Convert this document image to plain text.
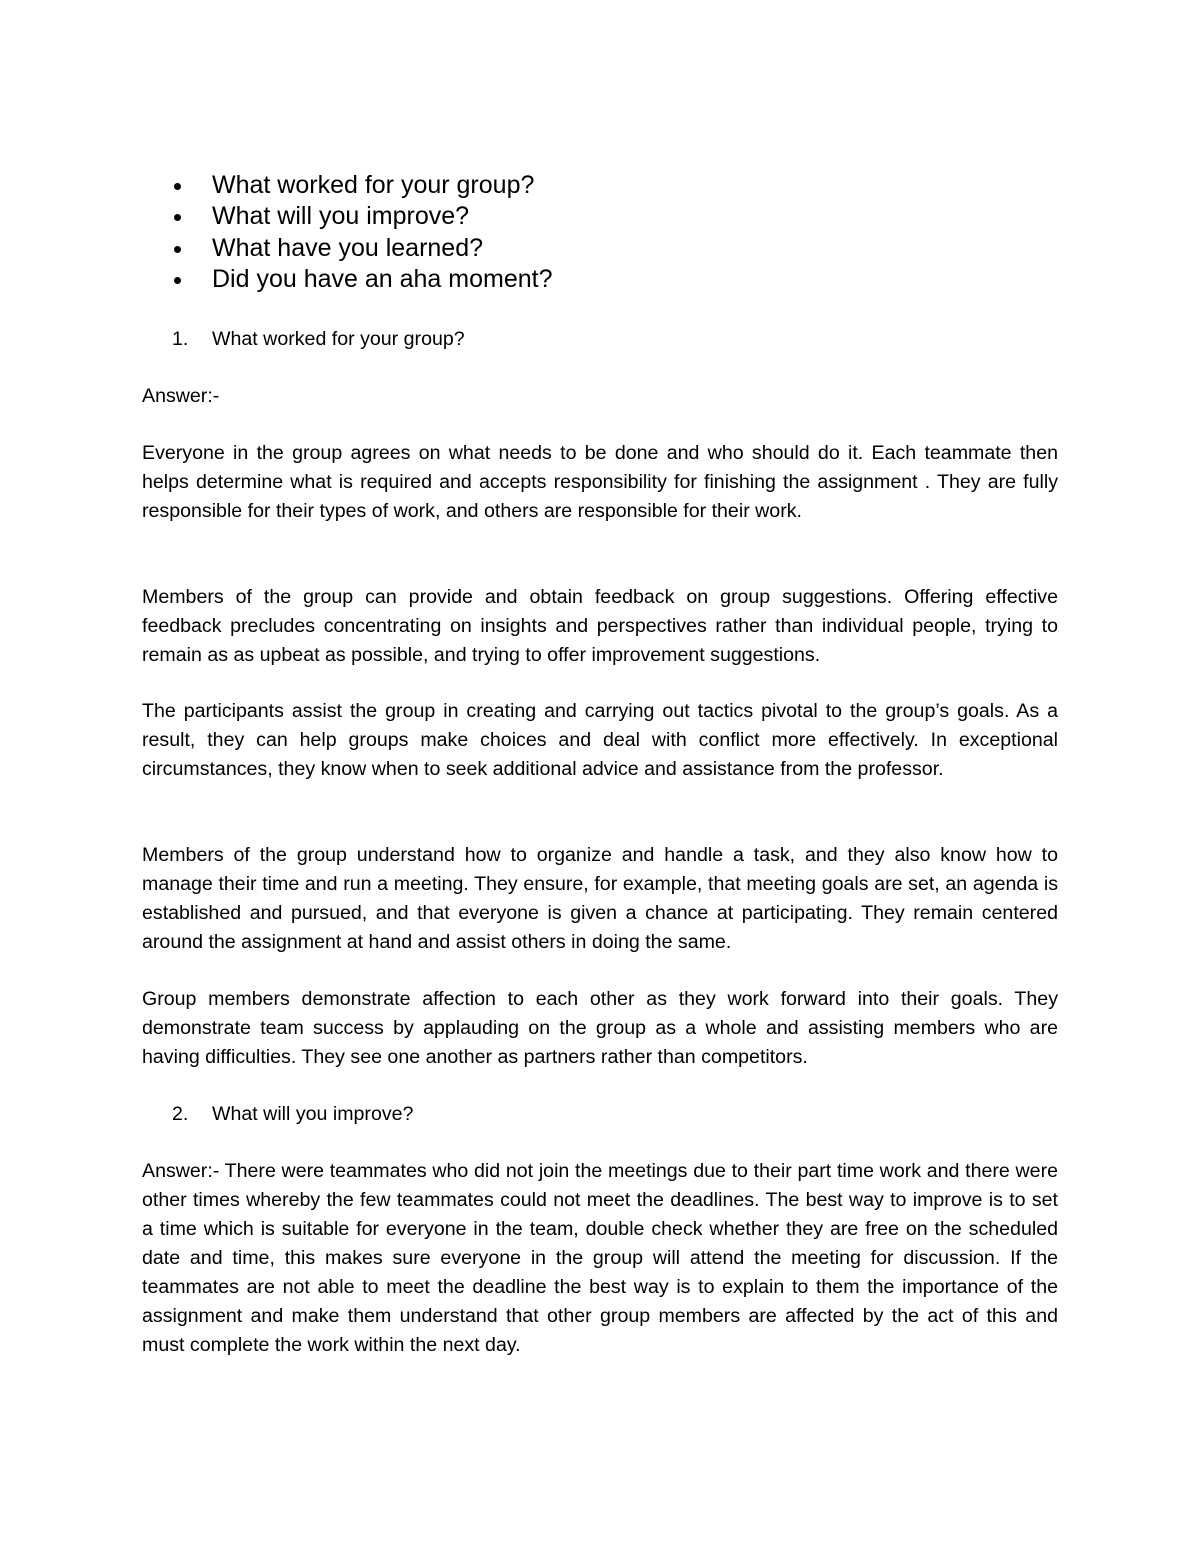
What worked for your group?
What will you improve?
What have you learned?
Did you have an aha moment?
1. What worked for your group?

Answer:-

Everyone in the group agrees on what needs to be done and who should do it. Each teammate then helps determine what is required and accepts responsibility for finishing the assignment . They are fully responsible for their types of work, and others are responsible for their work.

Members of the group can provide and obtain feedback on group suggestions. Offering effective feedback precludes concentrating on insights and perspectives rather than individual people, trying to remain as as upbeat as possible, and trying to offer improvement suggestions.

The participants assist the group in creating and carrying out tactics pivotal to the group’s goals. As a result, they can help groups make choices and deal with conflict more effectively. In exceptional circumstances, they know when to seek additional advice and assistance from the professor.

Members of the group understand how to organize and handle a task, and they also know how to manage their time and run a meeting. They ensure, for example, that meeting goals are set, an agenda is established and pursued, and that everyone is given a chance at participating. They remain centered around the assignment at hand and assist others in doing the same.

Group members demonstrate affection to each other as they work forward into their goals. They demonstrate team success by applauding on the group as a whole and assisting members who are having difficulties. They see one another as partners rather than competitors.

2. What will you improve?

Answer:- There were teammates who did not join the meetings due to their part time work and there were other times whereby the few teammates could not meet the deadlines. The best way to improve is to set a time which is suitable for everyone in the team, double check whether they are free on the scheduled date and time, this makes sure everyone in the group will attend the meeting for discussion. If the teammates are not able to meet the deadline the best way is to explain to them the importance of the assignment and make them understand that other group members are affected by the act of this and must complete the work within the next day.
